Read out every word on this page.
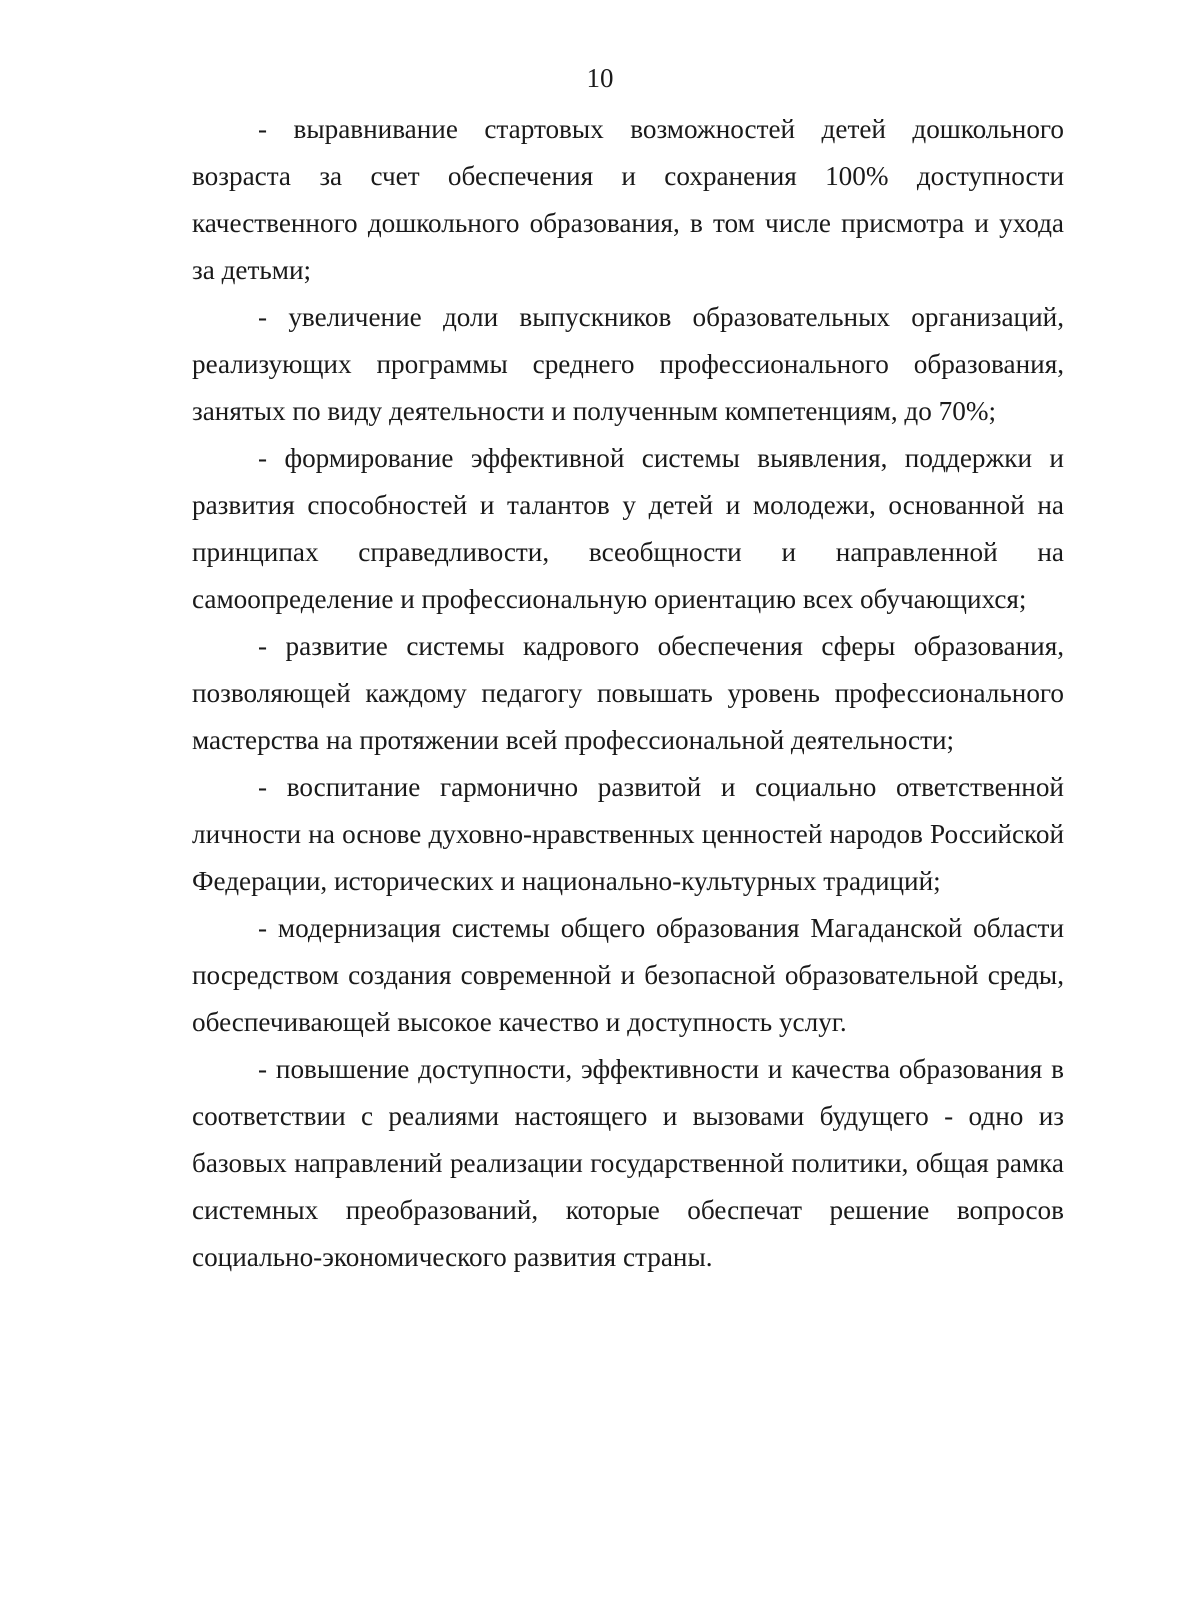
10

- выравнивание стартовых возможностей детей дошкольного возраста за счет обеспечения и сохранения 100% доступности качественного дошкольного образования, в том числе присмотра и ухода за детьми;

- увеличение доли выпускников образовательных организаций, реализующих программы среднего профессионального образования, занятых по виду деятельности и полученным компетенциям, до 70%;

- формирование эффективной системы выявления, поддержки и развития способностей и талантов у детей и молодежи, основанной на принципах справедливости, всеобщности и направленной на самоопределение и профессиональную ориентацию всех обучающихся;

- развитие системы кадрового обеспечения сферы образования, позволяющей каждому педагогу повышать уровень профессионального мастерства на протяжении всей профессиональной деятельности;

- воспитание гармонично развитой и социально ответственной личности на основе духовно-нравственных ценностей народов Российской Федерации, исторических и национально-культурных традиций;

- модернизация системы общего образования Магаданской области посредством создания современной и безопасной образовательной среды, обеспечивающей высокое качество и доступность услуг.

- повышение доступности, эффективности и качества образования в соответствии с реалиями настоящего и вызовами будущего - одно из базовых направлений реализации государственной политики, общая рамка системных преобразований, которые обеспечат решение вопросов социально-экономического развития страны.
